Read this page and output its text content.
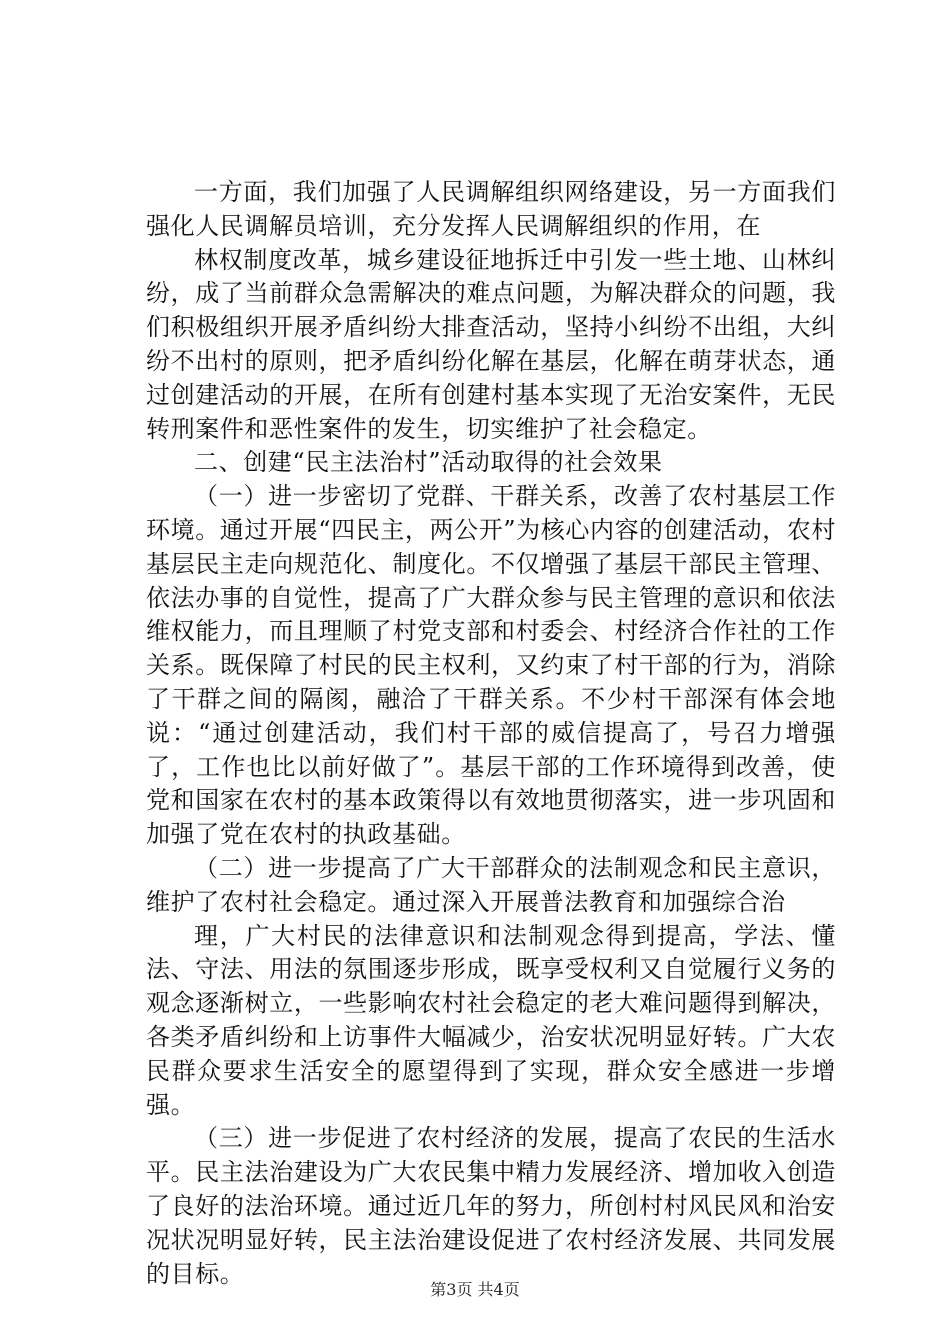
一方面，我们加强了人民调解组织网络建设，另一方面我们强化人民调解员培训，充分发挥人民调解组织的作用，在

林权制度改革，城乡建设征地拆迁中引发一些土地、山林纠纷，成了当前群众急需解决的难点问题，为解决群众的问题，我们积极组织开展矛盾纠纷大排查活动，坚持小纠纷不出组，大纠纷不出村的原则，把矛盾纠纷化解在基层，化解在萌芽状态，通过创建活动的开展，在所有创建村基本实现了无治安案件，无民转刑案件和恶性案件的发生，切实维护了社会稳定。

二、创建“民主法治村”活动取得的社会效果

（一）进一步密切了党群、干群关系，改善了农村基层工作环境。通过开展“四民主，两公开”为核心内容的创建活动，农村基层民主走向规范化、制度化。不仅增强了基层干部民主管理、依法办事的自觉性，提高了广大群众参与民主管理的意识和依法维权能力，而且理顺了村党支部和村委会、村经济合作社的工作关系。既保障了村民的民主权利，又约束了村干部的行为，消除了干群之间的隔阂，融洽了干群关系。不少村干部深有体会地说：“通过创建活动，我们村干部的威信提高了，号召力增强了，工作也比以前好做了”。基层干部的工作环境得到改善，使党和国家在农村的基本政策得以有效地贯彻落实，进一步巩固和加强了党在农村的执政基础。

（二）进一步提高了广大干部群众的法制观念和民主意识，维护了农村社会稳定。通过深入开展普法教育和加强综合治

理，广大村民的法律意识和法制观念得到提高，学法、懂法、守法、用法的氛围逐步形成，既享受权利又自觉履行义务的观念逐渐树立，一些影响农村社会稳定的老大难问题得到解决，各类矛盾纠纷和上访事件大幅减少，治安状况明显好转。广大农民群众要求生活安全的愿望得到了实现，群众安全感进一步增强。

（三）进一步促进了农村经济的发展，提高了农民的生活水平。民主法治建设为广大农民集中精力发展经济、增加收入创造了良好的法治环境。通过近几年的努力，所创村村风民风和治安况状况明显好转，民主法治建设促进了农村经济发展、共同发展的目标。

第3页 共4页
